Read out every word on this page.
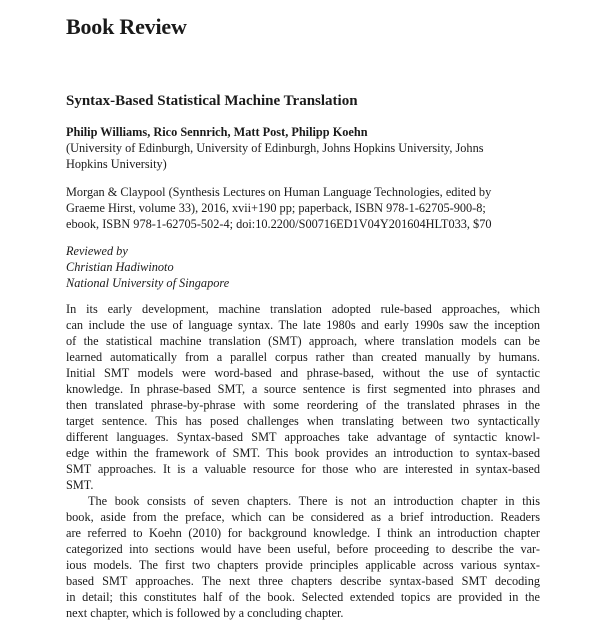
Book Review
Syntax-Based Statistical Machine Translation
Philip Williams, Rico Sennrich, Matt Post, Philipp Koehn
(University of Edinburgh, University of Edinburgh, Johns Hopkins University, Johns
Hopkins University)
Morgan & Claypool (Synthesis Lectures on Human Language Technologies, edited by
Graeme Hirst, volume 33), 2016, xvii+190 pp; paperback, ISBN 978-1-62705-900-8;
ebook, ISBN 978-1-62705-502-4; doi:10.2200/S00716ED1V04Y201604HLT033, $70
Reviewed by
Christian Hadiwinoto
National University of Singapore
In its early development, machine translation adopted rule-based approaches, which
can include the use of language syntax. The late 1980s and early 1990s saw the inception
of the statistical machine translation (SMT) approach, where translation models can be
learned automatically from a parallel corpus rather than created manually by humans.
Initial SMT models were word-based and phrase-based, without the use of syntactic
knowledge. In phrase-based SMT, a source sentence is first segmented into phrases and
then translated phrase-by-phrase with some reordering of the translated phrases in the
target sentence. This has posed challenges when translating between two syntactically
different languages. Syntax-based SMT approaches take advantage of syntactic knowl-
edge within the framework of SMT. This book provides an introduction to syntax-based
SMT approaches. It is a valuable resource for those who are interested in syntax-based
SMT.
The book consists of seven chapters. There is not an introduction chapter in this
book, aside from the preface, which can be considered as a brief introduction. Readers
are referred to Koehn (2010) for background knowledge. I think an introduction chapter
categorized into sections would have been useful, before proceeding to describe the var-
ious models. The first two chapters provide principles applicable across various syntax-
based SMT approaches. The next three chapters describe syntax-based SMT decoding
in detail; this constitutes half of the book. Selected extended topics are provided in the
next chapter, which is followed by a concluding chapter.
